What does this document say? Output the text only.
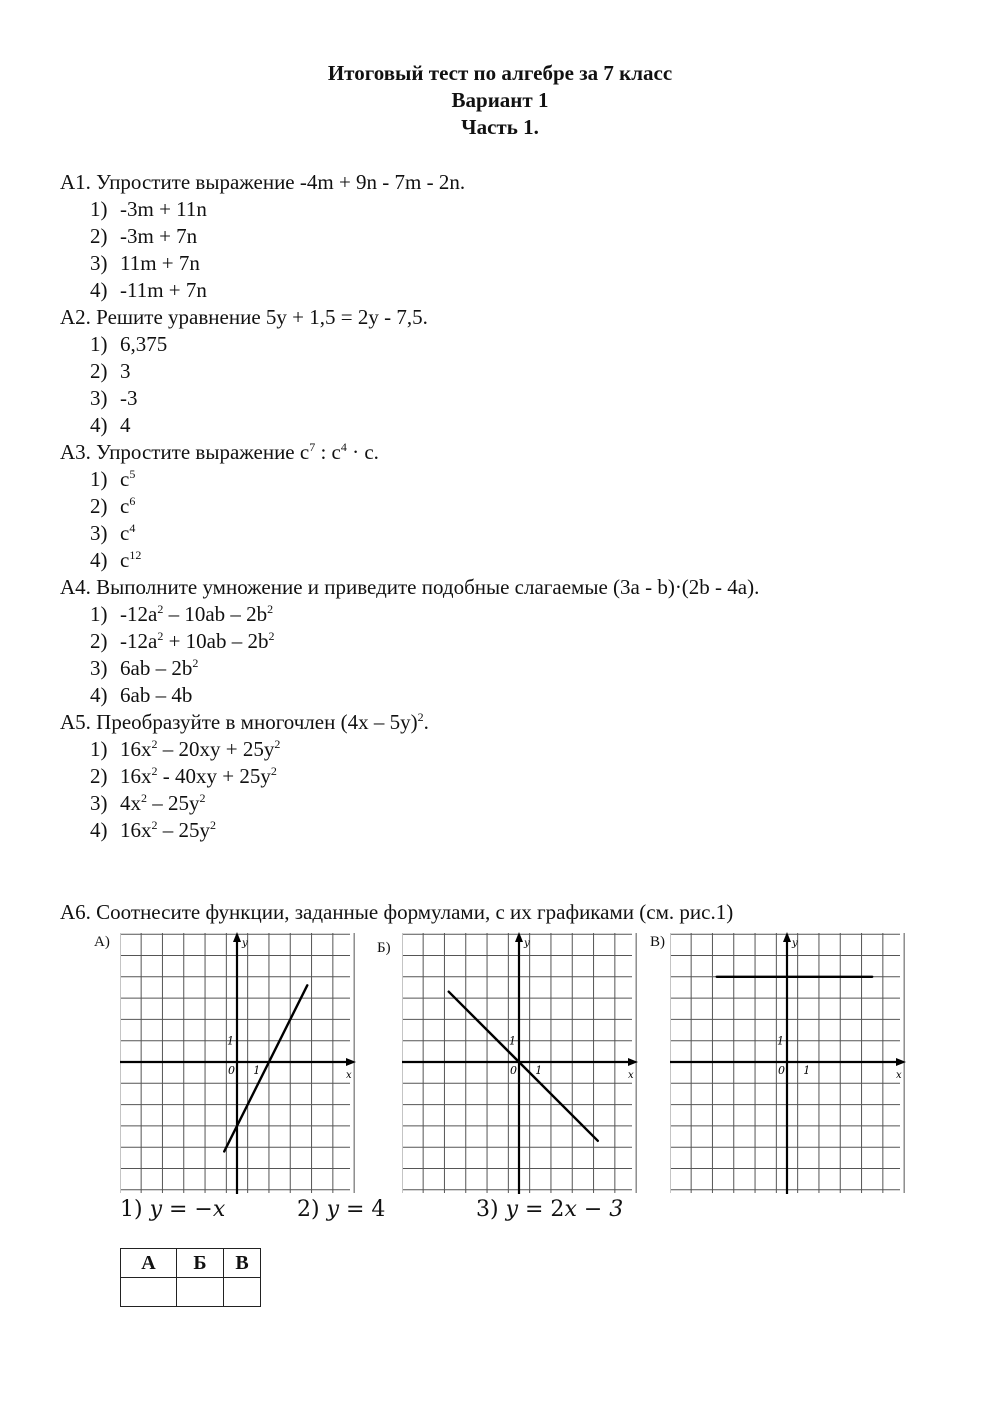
Итоговый тест по алгебре за 7 класс
Вариант 1
Часть 1.
А1. Упростите выражение -4m + 9n - 7m - 2n.
1) -3m + 11n
2) -3m + 7n
3) 11m + 7n
4) -11m + 7n
А2. Решите уравнение 5y + 1,5 = 2y - 7,5.
1) 6,375
2) 3
3) -3
4) 4
А3. Упростите выражение $c^7$ : $c^4 \cdot c$.
1) $c^5$
2) $c^6$
3) $c^4$
4) $c^{12}$
А4. Выполните умножение и приведите подобные слагаемые (3a - b)·(2b - 4a).
1) $-12a^2 - 10ab - 2b^2$
2) $-12a^2 + 10ab - 2b^2$
3) $6ab - 2b^2$
4) 6ab – 4b
А5. Преобразуйте в многочлен (4x – 5y)$^2$.
1) $16x^2 - 20xy + 25y^2$
2) $16x^2 - 40xy + 25y^2$
3) $4x^2 - 25y^2$
4) $16x^2 - 25y^2$
А6. Соотнесите функции, заданные формулами, с их графиками (см. рис.1)
А)	Б)	В)
x
y
0 1
1
x
y
0 1
1
x
y
0 1
1
1) y = −x	2) y = 4	3) y = 2x − 3
А	Б	В
